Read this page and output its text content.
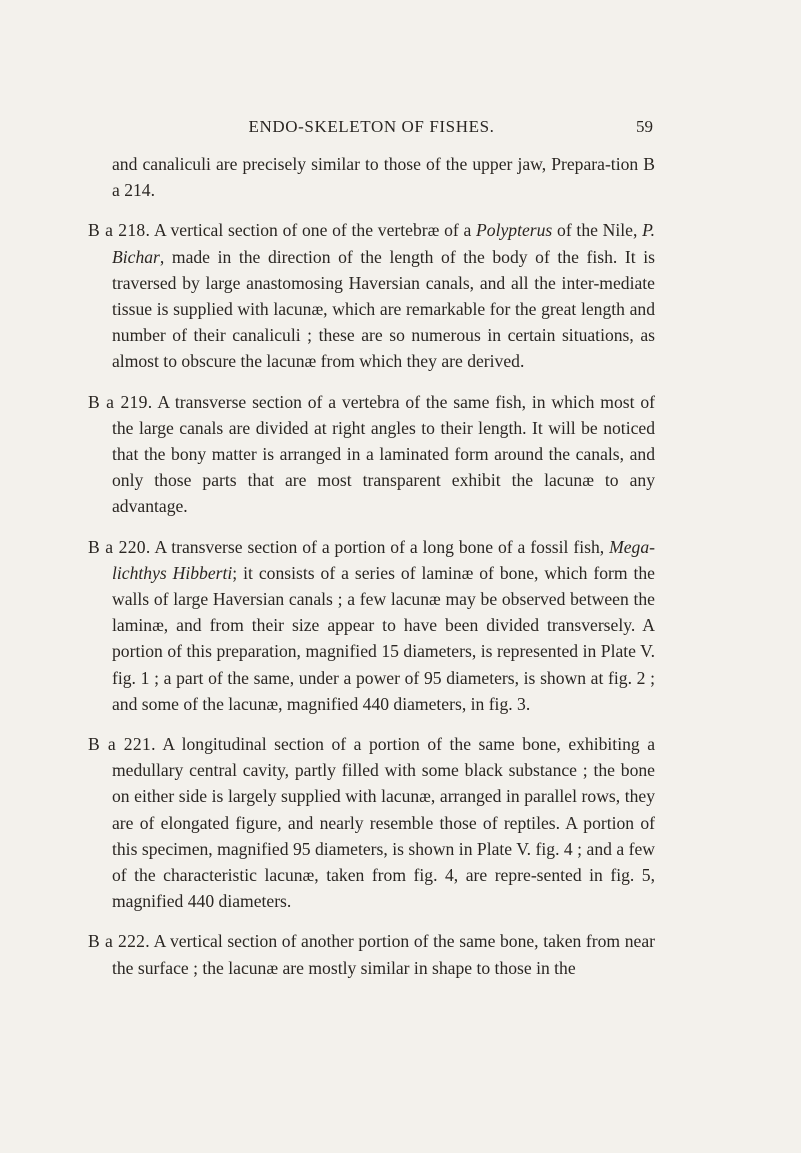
ENDO-SKELETON OF FISHES.	59

and canaliculi are precisely similar to those of the upper jaw, Prepara-tion B a 214.

B a 218. A vertical section of one of the vertebræ of a Polypterus of the Nile, P. Bichar, made in the direction of the length of the body of the fish. It is traversed by large anastomosing Haversian canals, and all the inter-mediate tissue is supplied with lacunæ, which are remarkable for the great length and number of their canaliculi ; these are so numerous in certain situations, as almost to obscure the lacunæ from which they are derived.

B a 219. A transverse section of a vertebra of the same fish, in which most of the large canals are divided at right angles to their length. It will be noticed that the bony matter is arranged in a laminated form around the canals, and only those parts that are most transparent exhibit the lacunæ to any advantage.

B a 220. A transverse section of a portion of a long bone of a fossil fish, Mega-lichthys Hibberti; it consists of a series of laminæ of bone, which form the walls of large Haversian canals ; a few lacunæ may be observed between the laminæ, and from their size appear to have been divided transversely. A portion of this preparation, magnified 15 diameters, is represented in Plate V. fig. 1 ; a part of the same, under a power of 95 diameters, is shown at fig. 2 ; and some of the lacunæ, magnified 440 diameters, in fig. 3.

B a 221. A longitudinal section of a portion of the same bone, exhibiting a medullary central cavity, partly filled with some black substance ; the bone on either side is largely supplied with lacunæ, arranged in parallel rows, they are of elongated figure, and nearly resemble those of reptiles. A portion of this specimen, magnified 95 diameters, is shown in Plate V. fig. 4 ; and a few of the characteristic lacunæ, taken from fig. 4, are repre-sented in fig. 5, magnified 440 diameters.

B a 222. A vertical section of another portion of the same bone, taken from near the surface ; the lacunæ are mostly similar in shape to those in the
